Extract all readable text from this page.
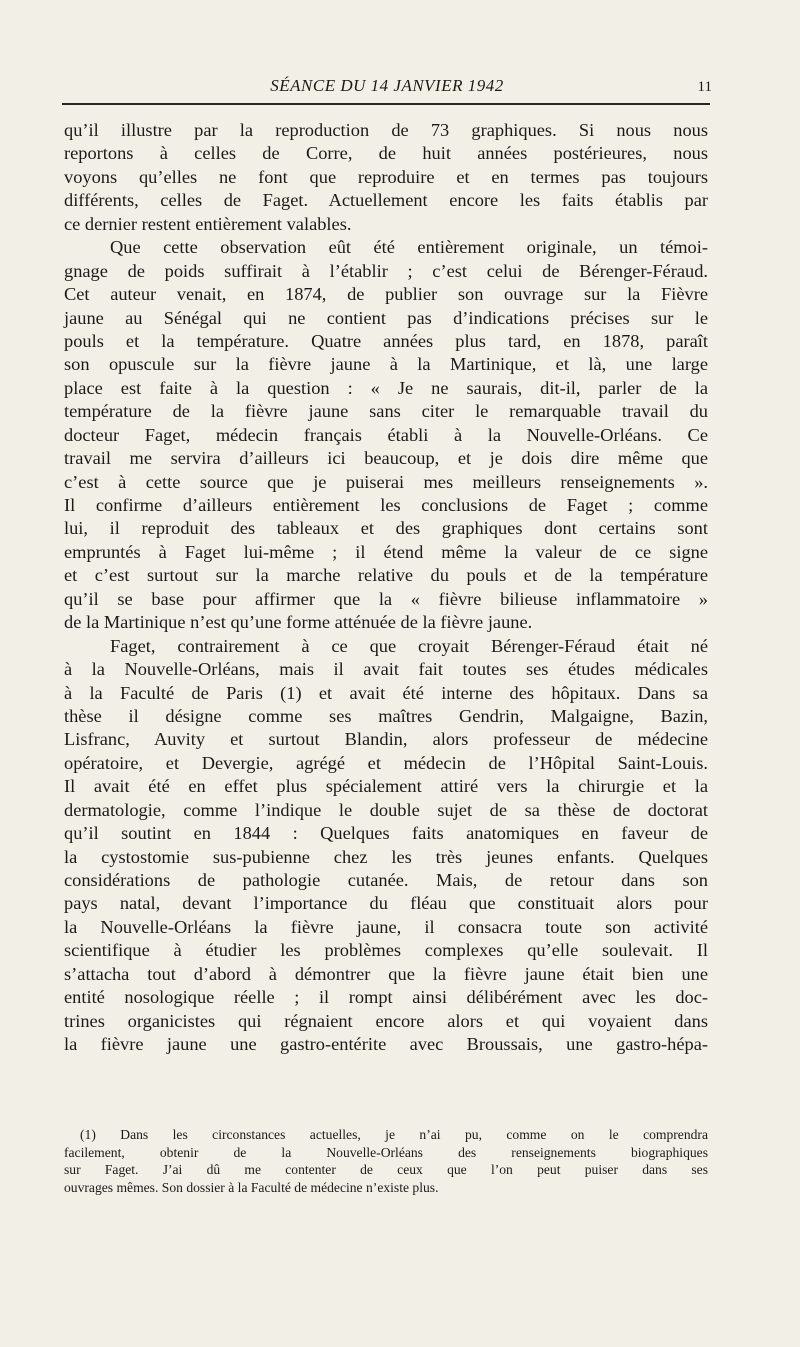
SÉANCE DU 14 JANVIER 1942	11
qu’il illustre par la reproduction de 73 graphiques. Si nous nous
reportons à celles de Corre, de huit années postérieures, nous
voyons qu’elles ne font que reproduire et en termes pas toujours
différents, celles de Faget. Actuellement encore les faits établis par
ce dernier restent entièrement valables.
Que cette observation eût été entièrement originale, un témoi-
gnage de poids suffirait à l’établir ; c’est celui de Bérenger-Féraud.
Cet auteur venait, en 1874, de publier son ouvrage sur la Fièvre
jaune au Sénégal qui ne contient pas d’indications précises sur le
pouls et la température. Quatre années plus tard, en 1878, paraît
son opuscule sur la fièvre jaune à la Martinique, et là, une large
place est faite à la question : « Je ne saurais, dit-il, parler de la
température de la fièvre jaune sans citer le remarquable travail du
docteur Faget, médecin français établi à la Nouvelle-Orléans. Ce
travail me servira d’ailleurs ici beaucoup, et je dois dire même que
c’est à cette source que je puiserai mes meilleurs renseignements ».
Il confirme d’ailleurs entièrement les conclusions de Faget ; comme
lui, il reproduit des tableaux et des graphiques dont certains sont
empruntés à Faget lui-même ; il étend même la valeur de ce signe
et c’est surtout sur la marche relative du pouls et de la température
qu’il se base pour affirmer que la « fièvre bilieuse inflammatoire »
de la Martinique n’est qu’une forme atténuée de la fièvre jaune.
Faget, contrairement à ce que croyait Bérenger-Féraud était né
à la Nouvelle-Orléans, mais il avait fait toutes ses études médicales
à la Faculté de Paris (1) et avait été interne des hôpitaux. Dans sa
thèse il désigne comme ses maîtres Gendrin, Malgaigne, Bazin,
Lisfranc, Auvity et surtout Blandin, alors professeur de médecine
opératoire, et Devergie, agrégé et médecin de l’Hôpital Saint-Louis.
Il avait été en effet plus spécialement attiré vers la chirurgie et la
dermatologie, comme l’indique le double sujet de sa thèse de doctorat
qu’il soutint en 1844 : Quelques faits anatomiques en faveur de
la cystostomie sus-pubienne chez les très jeunes enfants. Quelques
considérations de pathologie cutanée. Mais, de retour dans son
pays natal, devant l’importance du fléau que constituait alors pour
la Nouvelle-Orléans la fièvre jaune, il consacra toute son activité
scientifique à étudier les problèmes complexes qu’elle soulevait. Il
s’attacha tout d’abord à démontrer que la fièvre jaune était bien une
entité nosologique réelle ; il rompt ainsi délibérément avec les doc-
trines organicistes qui régnaient encore alors et qui voyaient dans
la fièvre jaune une gastro-entérite avec Broussais, une gastro-hépa-
(1) Dans les circonstances actuelles, je n’ai pu, comme on le comprendra
facilement, obtenir de la Nouvelle-Orléans des renseignements biographiques
sur Faget. J’ai dû me contenter de ceux que l’on peut puiser dans ses
ouvrages mêmes. Son dossier à la Faculté de médecine n’existe plus.
